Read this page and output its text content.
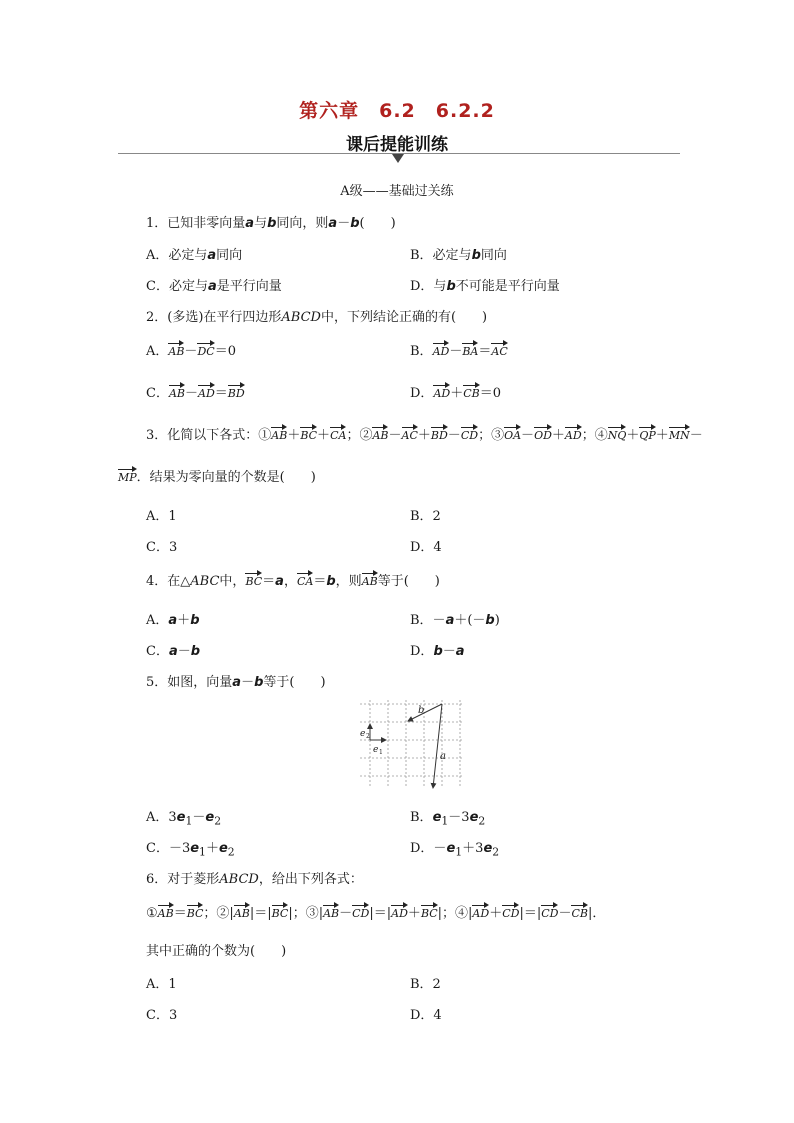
第六章　6.2　6.2.2
课后提能训练
A级——基础过关练
1．已知非零向量a与b同向，则a－b(　　)
A．必定与a同向	B．必定与b同向
C．必定与a是平行向量	D．与b不可能是平行向量
2．(多选)在平行四边形ABCD中，下列结论正确的有(　　)
A．AB－DC＝0	B．AD－BA＝AC
C．AB－AD＝BD	D．AD＋CB＝0
3．化简以下各式：①AB＋BC＋CA；②AB－AC＋BD－CD；③OA－OD＋AD；④NQ＋QP＋MN－
MP．结果为零向量的个数是(　　)
A．1	B．2
C．3	D．4
4．在△ABC中，BC＝a，CA＝b，则AB等于(　　)
A．a＋b	B．－a＋(－b)
C．a－b	D．b－a
5．如图，向量a－b等于(　　)
b
a
e 2
e 1
A．$3e_1-e_2$	B．$e_1-3e_2$
C．$-3e_1+e_2$	D．$-e_1+3e_2$
6．对于菱形ABCD，给出下列各式：
①AB＝BC；②|AB|＝|BC|；③|AB－CD|＝|AD＋BC|；④|AD＋CD|＝|CD－CB|．
其中正确的个数为(　　)
A．1	B．2
C．3	D．4
